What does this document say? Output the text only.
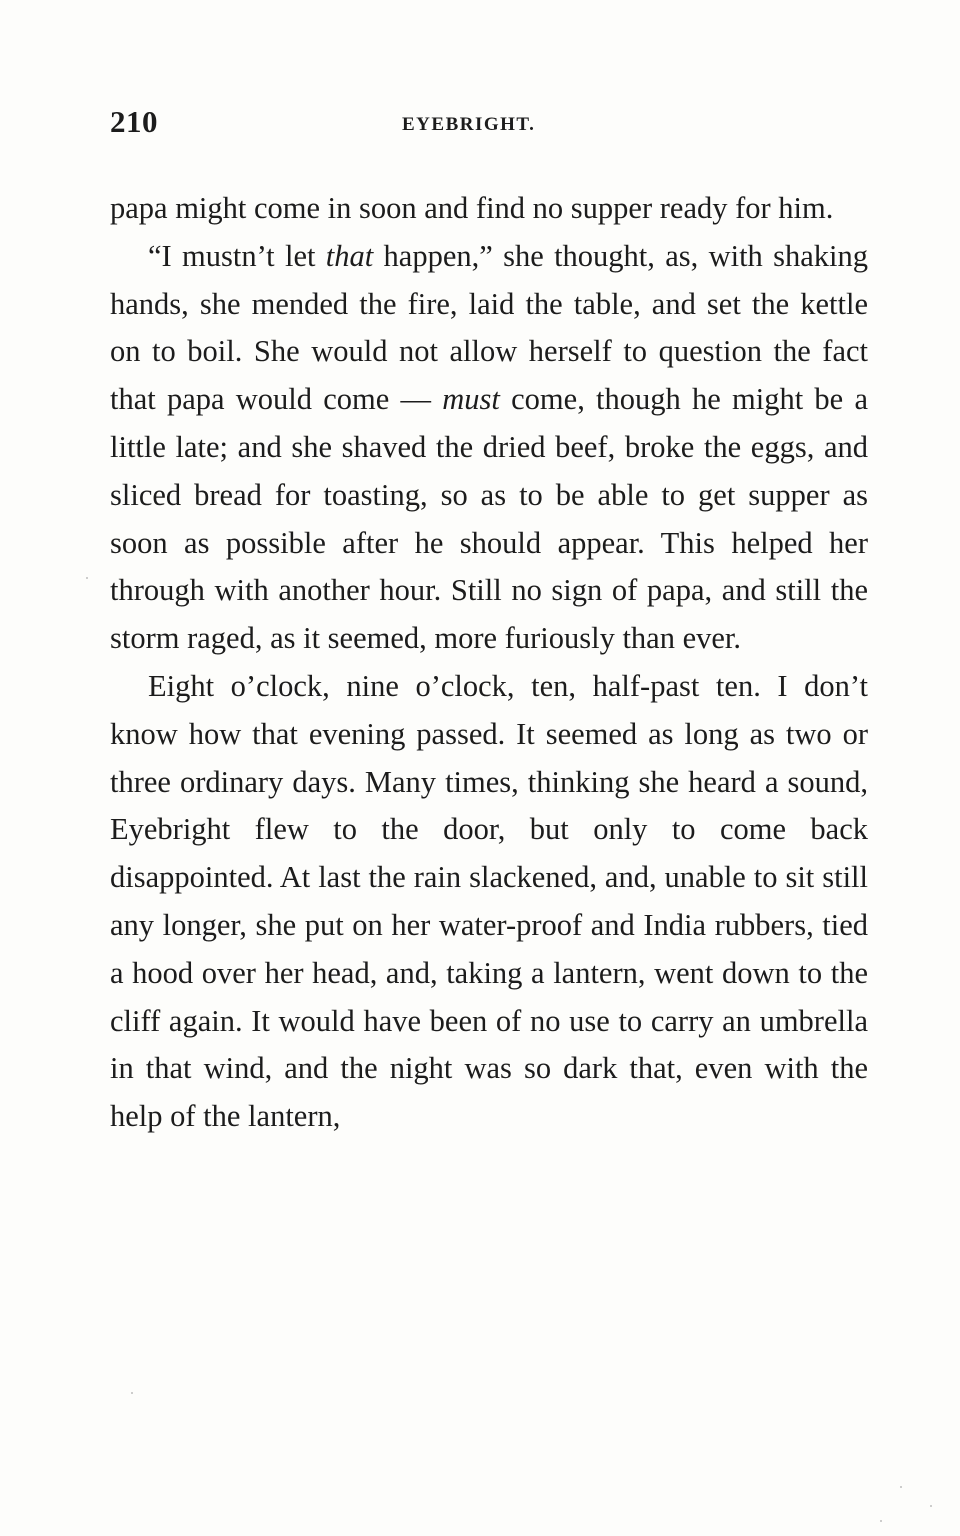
210	EYEBRIGHT.

papa might come in soon and find no supper ready for him.

“I mustn’t let that happen,” she thought, as, with shaking hands, she mended the fire, laid the table, and set the kettle on to boil. She would not allow herself to question the fact that papa would come — must come, though he might be a little late; and she shaved the dried beef, broke the eggs, and sliced bread for toasting, so as to be able to get supper as soon as possible after he should appear. This helped her through with another hour. Still no sign of papa, and still the storm raged, as it seemed, more furiously than ever.

Eight o’clock, nine o’clock, ten, half-past ten. I don’t know how that evening passed. It seemed as long as two or three ordinary days. Many times, thinking she heard a sound, Eyebright flew to the door, but only to come back disappointed. At last the rain slackened, and, unable to sit still any longer, she put on her water-proof and India rubbers, tied a hood over her head, and, taking a lantern, went down to the cliff again. It would have been of no use to carry an umbrella in that wind, and the night was so dark that, even with the help of the lantern,
